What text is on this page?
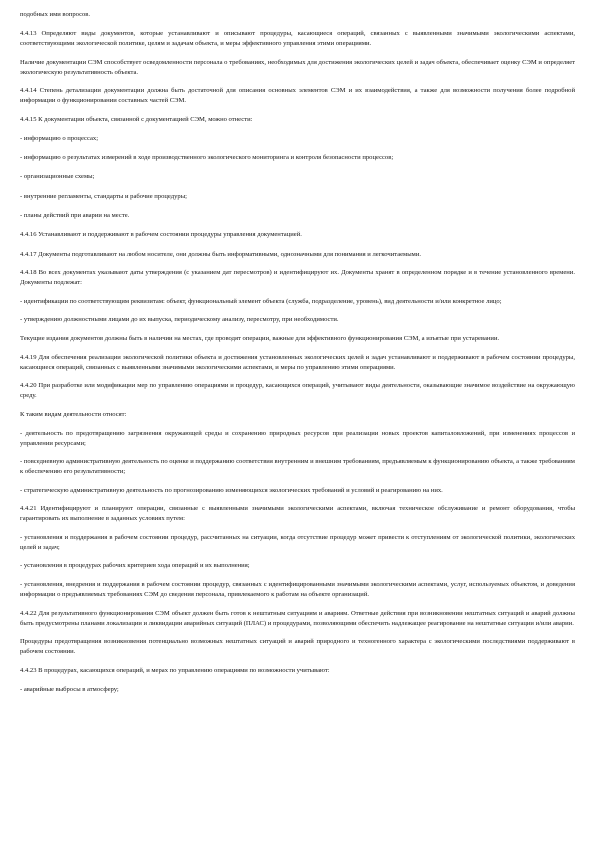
подобных ими вопросов.

4.4.13 Определяют виды документов, которые устанавливают и описывают процедуры, касающиеся операций, связанных с выявленными значимыми экологическими аспектами, соответствующими экологической политике, целям и задачам объекта, и меры эффективного управления этими операциями.

Наличие документации СЭМ способствует осведомленности персонала о требованиях, необходимых для достижения экологических целей и задач объекта, обеспечивает оценку СЭМ и определяет экологическую результативность объекта.

4.4.14 Степень детализации документации должна быть достаточной для описания основных элементов СЭМ и их взаимодействия, а также для возможности получения более подробной информации о функционировании составных частей СЭМ.

4.4.15 К документации объекта, связанной с документацией СЭМ, можно отнести:

- информацию о процессах;

- информацию о результатах измерений в ходе производственного экологического мониторинга и контроля безопасности процессов;

- организационные схемы;

- внутренние регламенты, стандарты и рабочие процедуры;

- планы действий при аварии на месте.

4.4.16 Устанавливают и поддерживают в рабочем состоянии процедуры управления документацией.

4.4.17 Документы подготавливают на любом носителе, они должны быть информативными, однозначными для понимания и легкочитаемыми.

4.4.18 Во всех документах указывают даты утверждения (с указанием дат пересмотров) и идентифицируют их. Документы хранят в определенном порядке и в течение установленного времени. Документы подлежат:

- идентификации по соответствующим реквизитам: объект, функциональный элемент объекта (служба, подразделение, уровень), вид деятельности и/или конкретное лицо;

- утверждению должностными лицами до их выпуска, периодическому анализу, пересмотру, при необходимости.

Текущие издания документов должны быть в наличии на местах, где проводят операции, важные для эффективного функционирования СЭМ, а изъятые при устаревании.

4.4.19 Для обеспечения реализации экологической политики объекта и достижения установленных экологических целей и задач устанавливают и поддерживают в рабочем состоянии процедуры, касающиеся операций, связанных с выявленными значимыми экологическими аспектами, и меры по управлению этими операциями.

4.4.20 При разработке или модификации мер по управлению операциями и процедур, касающихся операций, учитывают виды деятельности, оказывающие значимое воздействие на окружающую среду.

К таким видам деятельности относят:

- деятельность по предотвращению загрязнения окружающей среды и сохранению природных ресурсов при реализации новых проектов капиталовложений, при изменениях процессов и управлении ресурсами;

- повседневную административную деятельность по оценке и поддержанию соответствия внутренним и внешним требованиям, предъявляемым к функционированию объекта, а также требованиям к обеспечению его результативности;

- стратегическую административную деятельность по прогнозированию изменяющихся экологических требований и условий и реагированию на них.

4.4.21 Идентифицируют и планируют операции, связанные с выявленными значимыми экологическими аспектами, включая техническое обслуживание и ремонт оборудования, чтобы гарантировать их выполнение в заданных условиях путем:

- установления и поддержания в рабочем состоянии процедур, рассчитанных на ситуации, когда отсутствие процедур может привести к отступлениям от экологической политики, экологических целей и задач;

- установления в процедурах рабочих критериев хода операций и их выполнения;

- установления, внедрения и поддержания в рабочем состоянии процедур, связанных с идентифицированными значимыми экологическими аспектами, услуг, используемых объектом, и доведения информации о предъявляемых требованиях СЭМ до сведения персонала, привлекаемого к работам на объекте организаций.

4.4.22 Для результативного функционирования СЭМ объект должен быть готов к нештатным ситуациям и авариям. Ответные действия при возникновении нештатных ситуаций и аварий должны быть предусмотрены планами локализации и ликвидации аварийных ситуаций (ПЛАС) и процедурами, позволяющими обеспечить надлежащее реагирование на нештатные ситуации и/или аварии.

Процедуры предотвращения возникновения потенциально возможных нештатных ситуаций и аварий природного и техногенного характера с экологическими последствиями поддерживают в рабочем состоянии.

4.4.23 В процедурах, касающихся операций, и мерах по управлению операциями по возможности учитывают:

- аварийные выбросы в атмосферу;
